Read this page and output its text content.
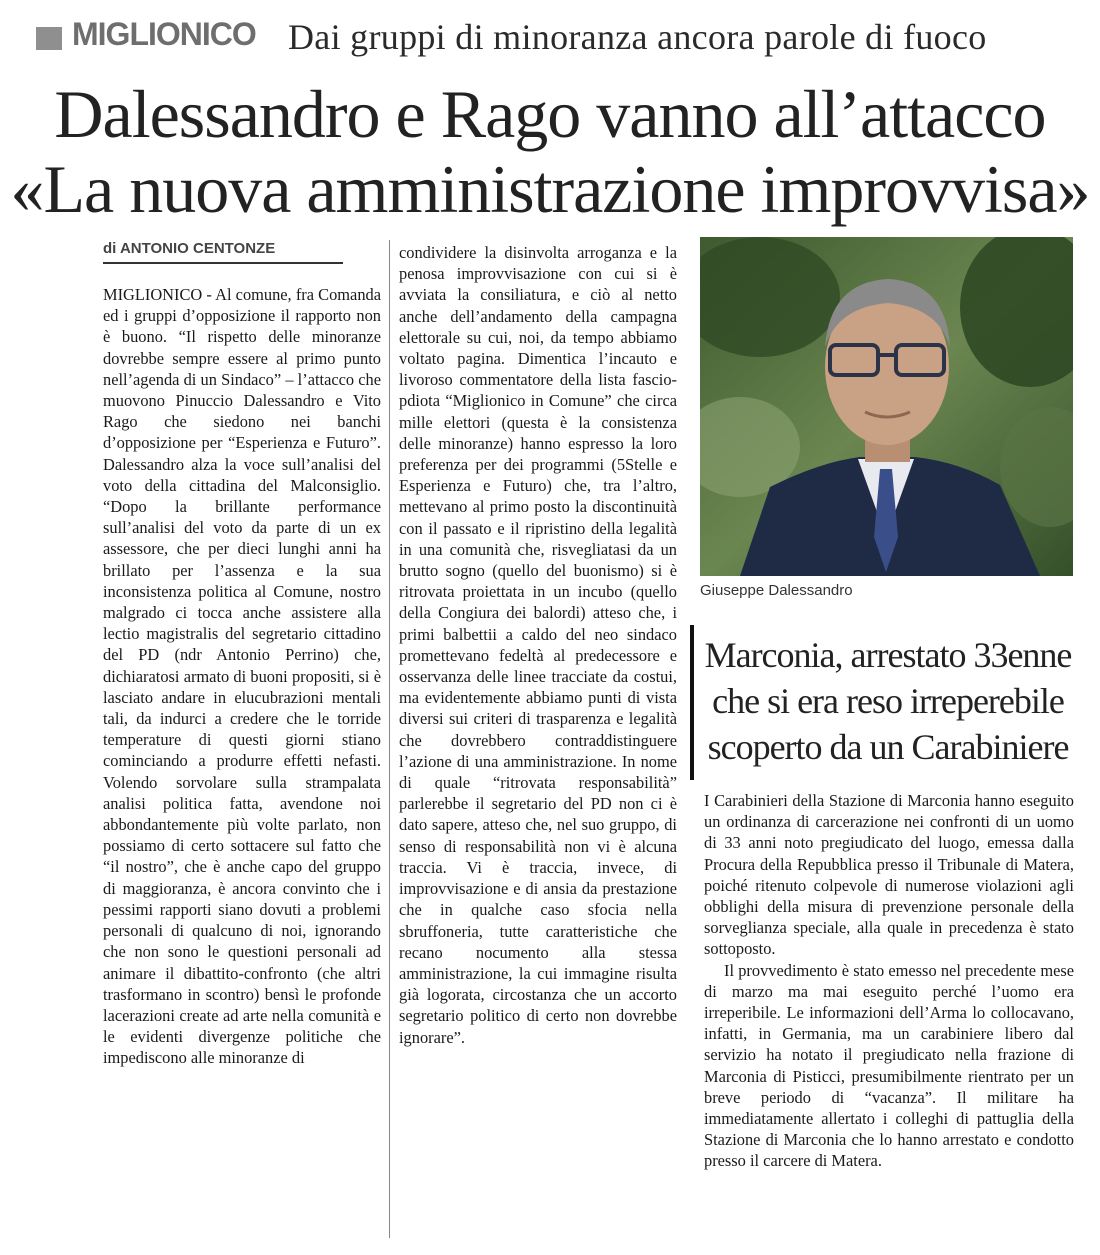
MIGLIONICO Dai gruppi di minoranza ancora parole di fuoco
Dalessandro e Rago vanno all’attacco
«La nuova amministrazione improvvisa»
di ANTONIO CENTONZE

MIGLIONICO - Al comune, fra Comanda ed i gruppi d’opposizione il rapporto non è buono. “Il rispetto delle minoranze dovrebbe sempre essere al primo punto nell’agenda di un Sindaco” – l’attacco che muovono Pinuccio Dalessandro e Vito Rago che siedono nei banchi d’opposizione per “Esperienza e Futuro”. Dalessandro alza la voce sull’analisi del voto della cittadina del Malconsiglio. “Dopo la brillante performance sull’analisi del voto da parte di un ex assessore, che per dieci lunghi anni ha brillato per l’assenza e la sua inconsistenza politica al Comune, nostro malgrado ci tocca anche assistere alla lectio magistralis del segretario cittadino del PD (ndr Antonio Perrino) che, dichiaratosi armato di buoni propositi, si è lasciato andare in elucubrazioni mentali tali, da indurci a credere che le torride temperature di questi giorni stiano cominciando a produrre effetti nefasti. Volendo sorvolare sulla strampalata analisi politica fatta, avendone noi abbondantemente più volte parlato, non possiamo di certo sottacere sul fatto che “il nostro”, che è anche capo del gruppo di maggioranza, è ancora convinto che i pessimi rapporti siano dovuti a problemi personali di qualcuno di noi, ignorando che non sono le questioni personali ad animare il dibattito-confronto (che altri trasformano in scontro) bensì le profonde lacerazioni create ad arte nella comunità e le evidenti divergenze politiche che impediscono alle minoranze di

condividere la disinvolta arroganza e la penosa improvvisazione con cui si è avviata la consiliatura, e ciò al netto anche dell’andamento della campagna elettorale su cui, noi, da tempo abbiamo voltato pagina. Dimentica l’incauto e livoroso commentatore della lista fascio-pdiota “Miglionico in Comune” che circa mille elettori (questa è la consistenza delle minoranze) hanno espresso la loro preferenza per dei programmi (5Stelle e Esperienza e Futuro) che, tra l’altro, mettevano al primo posto la discontinuità con il passato e il ripristino della legalità in una comunità che, risvegliatasi da un brutto sogno (quello del buonismo) si è ritrovata proiettata in un incubo (quello della Congiura dei balordi) atteso che, i primi balbettii a caldo del neo sindaco promettevano fedeltà al predecessore e osservanza delle linee tracciate da costui, ma evidentemente abbiamo punti di vista diversi sui criteri di trasparenza e legalità che dovrebbero contraddistinguere l’azione di una amministrazione. In nome di quale “ritrovata responsabilità” parlerebbe il segretario del PD non ci è dato sapere, atteso che, nel suo gruppo, di senso di responsabilità non vi è alcuna traccia. Vi è traccia, invece, di improvvisazione e di ansia da prestazione che in qualche caso sfocia nella sbruffoneria, tutte caratteristiche che recano nocumento alla stessa amministrazione, la cui immagine risulta già logorata, circostanza che un accorto segretario politico di certo non dovrebbe ignorare”.

Giuseppe Dalessandro
Marconia, arrestato 33enne
che si era reso irreperebile
scoperto da un Carabiniere

I Carabinieri della Stazione di Marconia hanno eseguito un ordinanza di carcerazione nei confronti di un uomo di 33 anni noto pregiudicato del luogo, emessa dalla Procura della Repubblica presso il Tribunale di Matera, poiché ritenuto colpevole di numerose violazioni agli obblighi della misura di prevenzione personale della sorveglianza speciale, alla quale in precedenza è stato sottoposto.

Il provvedimento è stato emesso nel precedente mese di marzo ma mai eseguito perché l’uomo era irreperibile. Le informazioni dell’Arma lo collocavano, infatti, in Germania, ma un carabiniere libero dal servizio ha notato il pregiudicato nella frazione di Marconia di Pisticci, presumibilmente rientrato per un breve periodo di “vacanza”. Il militare ha immediatamente allertato i colleghi di pattuglia della Stazione di Marconia che lo hanno arrestato e condotto presso il carcere di Matera.
